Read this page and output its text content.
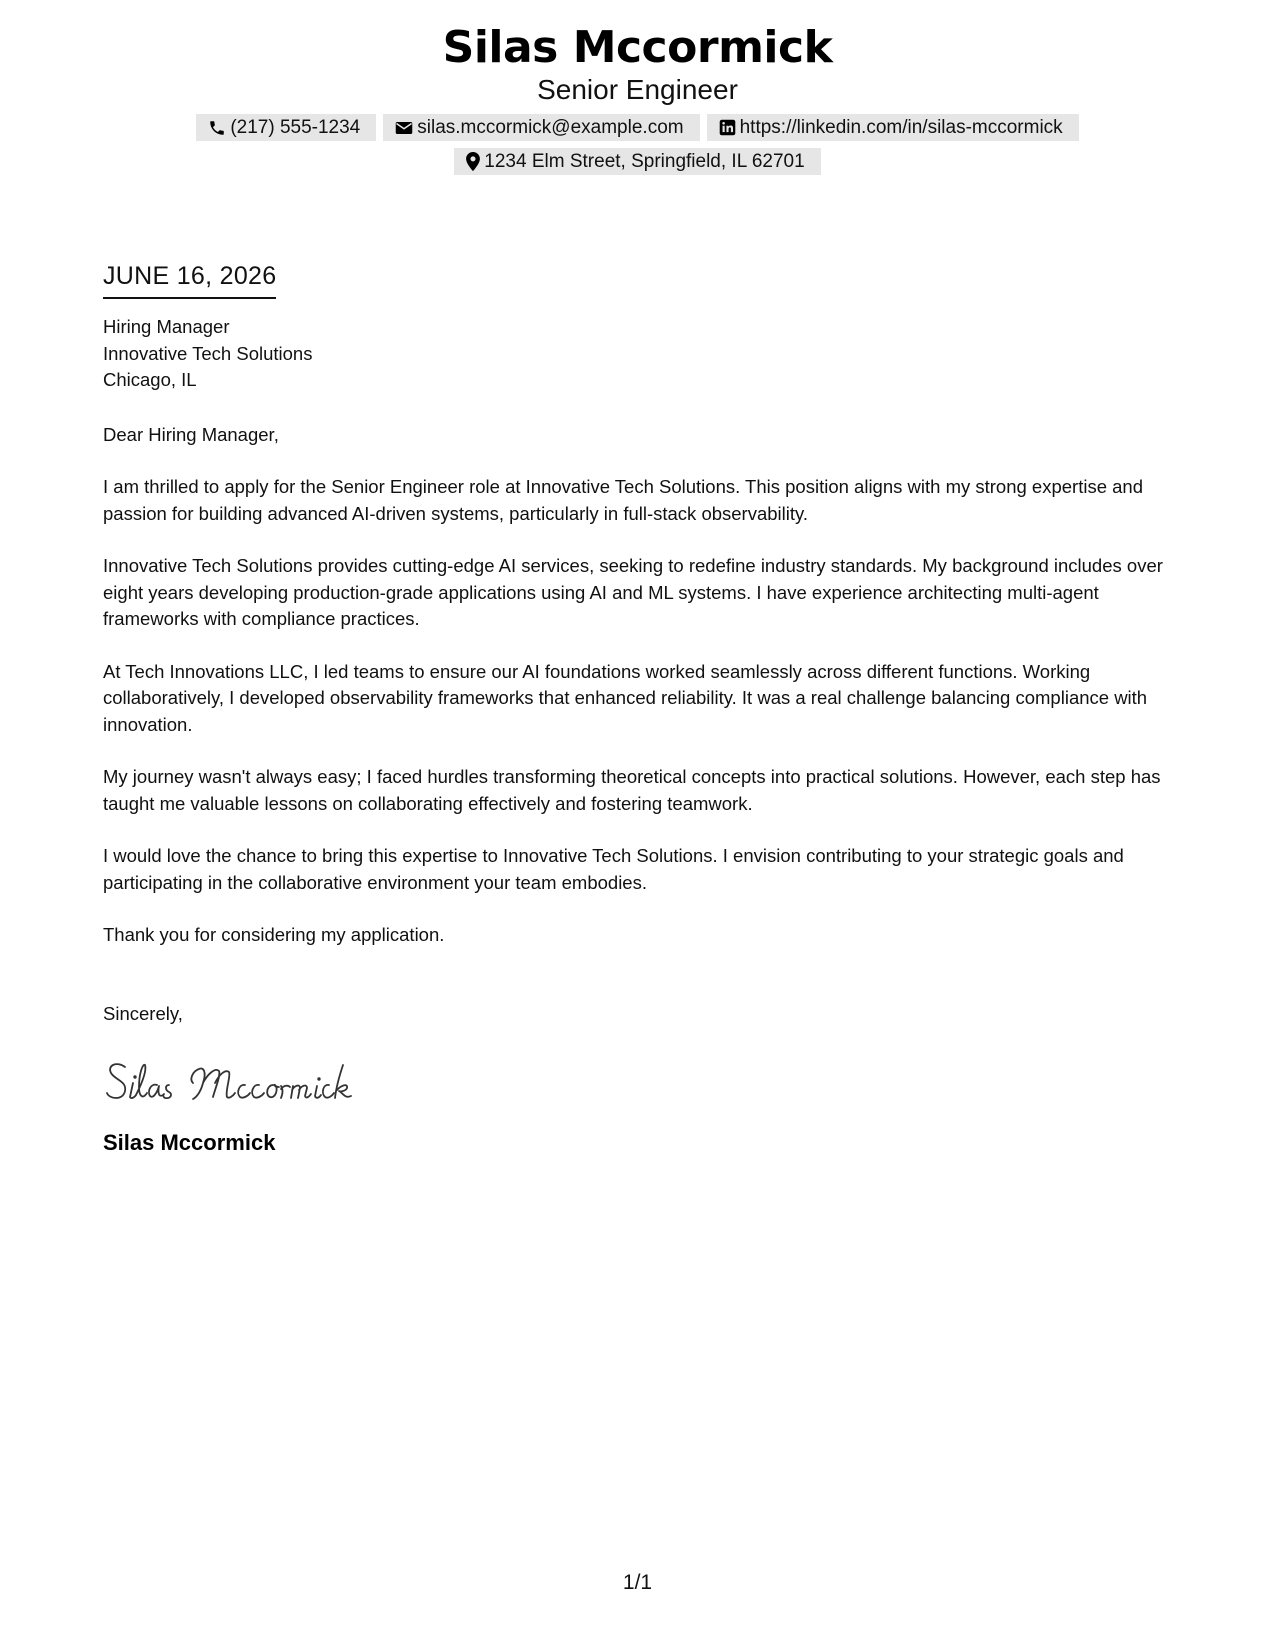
Silas Mccormick
Senior Engineer
(217) 555-1234	silas.mccormick@example.com	https://linkedin.com/in/silas-mccormick
1234 Elm Street, Springfield, IL 62701
JUNE 16, 2026
Hiring Manager
Innovative Tech Solutions
Chicago, IL
Dear Hiring Manager,

I am thrilled to apply for the Senior Engineer role at Innovative Tech Solutions. This position aligns with my strong expertise and passion for building advanced AI-driven systems, particularly in full-stack observability.

Innovative Tech Solutions provides cutting-edge AI services, seeking to redefine industry standards. My background includes over eight years developing production-grade applications using AI and ML systems. I have experience architecting multi-agent frameworks with compliance practices.

At Tech Innovations LLC, I led teams to ensure our AI foundations worked seamlessly across different functions. Working collaboratively, I developed observability frameworks that enhanced reliability. It was a real challenge balancing compliance with innovation.

My journey wasn't always easy; I faced hurdles transforming theoretical concepts into practical solutions. However, each step has taught me valuable lessons on collaborating effectively and fostering teamwork.

I would love the chance to bring this expertise to Innovative Tech Solutions. I envision contributing to your strategic goals and participating in the collaborative environment your team embodies.

Thank you for considering my application.

Sincerely,
Silas Mccormick
1/1
